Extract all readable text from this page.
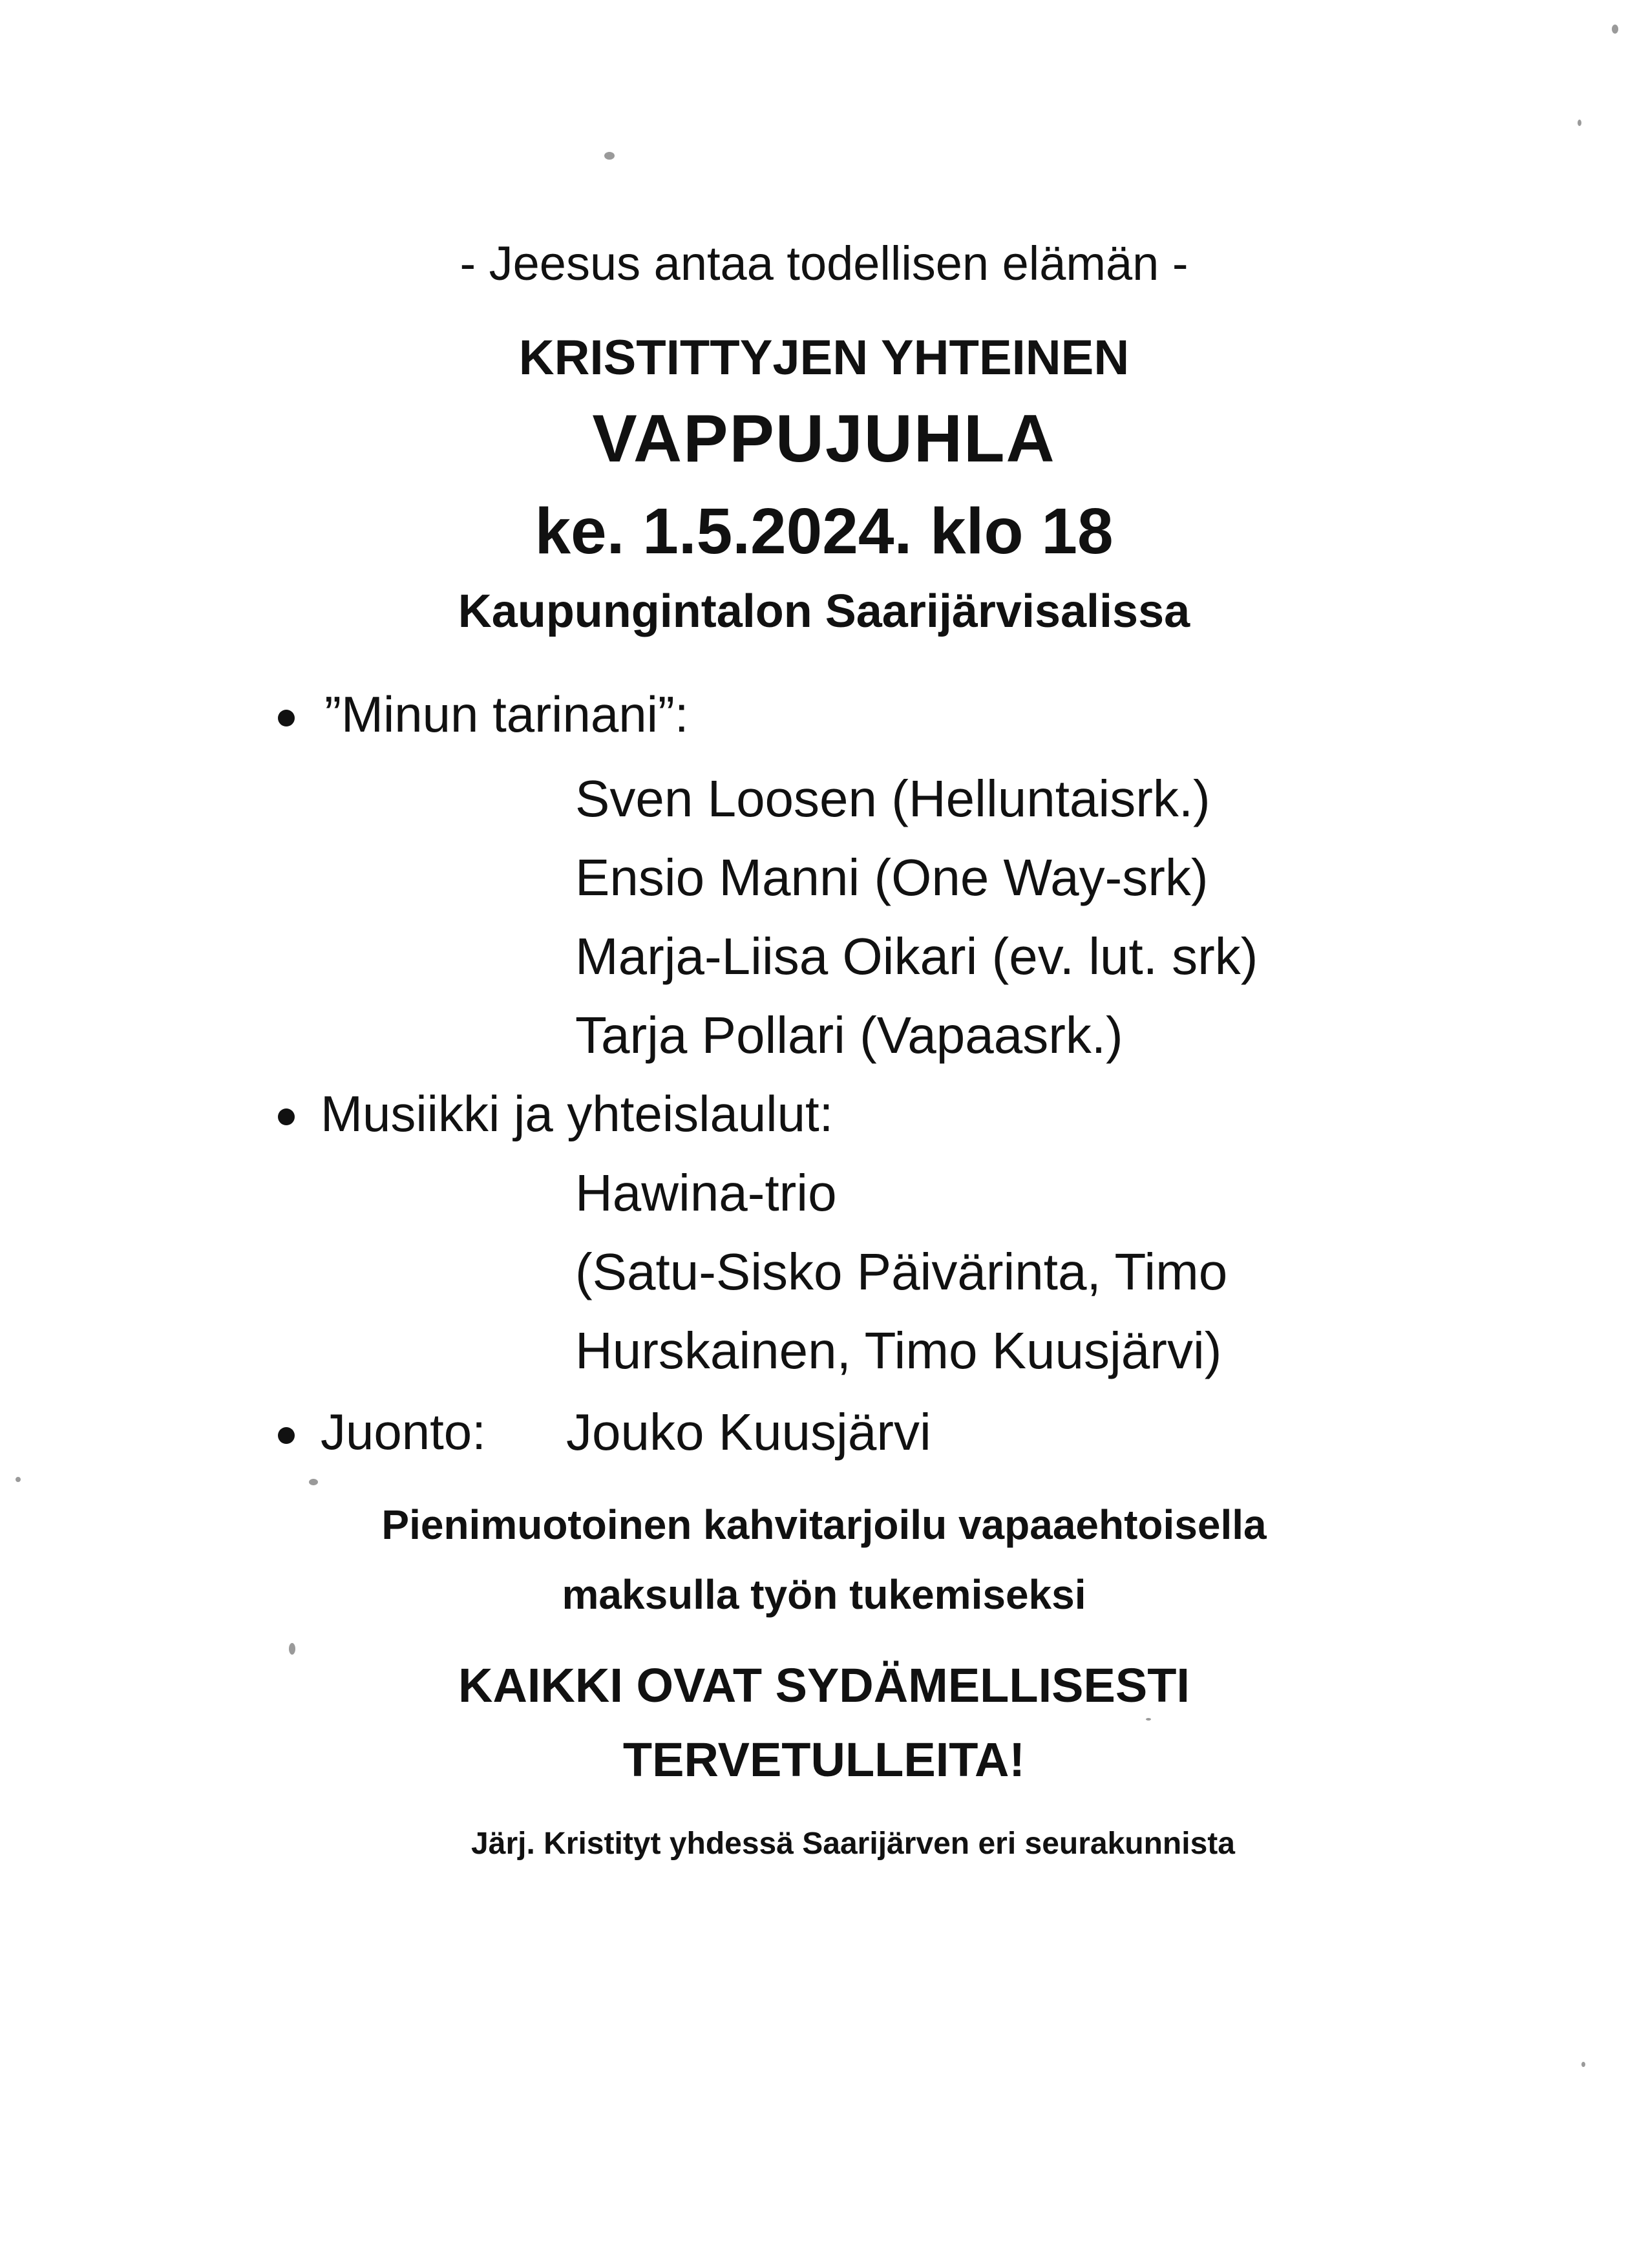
- Jeesus antaa todellisen elämän -
KRISTITTYJEN YHTEINEN
VAPPUJUHLA
ke. 1.5.2024. klo 18
Kaupungintalon Saarijärvisalissa
”Minun tarinani”:
Sven Loosen (Helluntaisrk.)
Ensio Manni (One Way-srk)
Marja-Liisa Oikari (ev. lut. srk)
Tarja Pollari (Vapaasrk.)
Musiikki ja yhteislaulut:
Hawina-trio
(Satu-Sisko Päivärinta, Timo
Hurskainen, Timo Kuusjärvi)
Juonto: Jouko Kuusjärvi
Pienimuotoinen kahvitarjoilu vapaaehtoisella
maksulla työn tukemiseksi
KAIKKI OVAT SYDÄMELLISESTI
TERVETULLEITA!
Järj. Kristityt yhdessä Saarijärven eri seurakunnista
